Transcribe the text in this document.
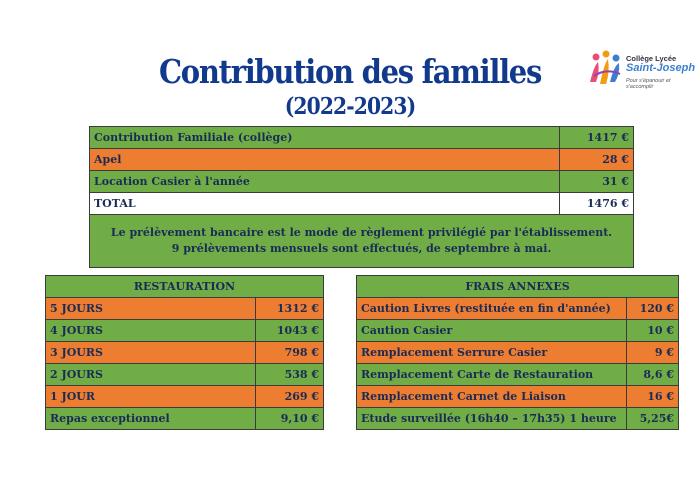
Contribution des familles
(2022-2023)
Collège Lycée
Saint-Joseph
Pour s'épanouir et s'accomplir
Contribution Familiale (collège)	1417 €
Apel	28 €
Location Casier à l'année	31 €
TOTAL	1476 €

Le prélèvement bancaire est le mode de règlement privilégié par l'établissement.
9 prélèvements mensuels sont effectués, de septembre à mai.	
RESTAURATION	
5 JOURS	1312 €
4 JOURS	1043 €
3 JOURS	798 €
2 JOURS	538 €
1 JOUR	269 €
Repas exceptionnel	9,10 €
FRAIS ANNEXES	
Caution Livres (restituée en fin d'année)	120 €
Caution Casier	10 €
Remplacement Serrure Casier	9 €
Remplacement Carte de Restauration	8,6 €
Remplacement Carnet de Liaison	16 €
Etude surveillée (16h40 – 17h35) 1 heure	5,25€
